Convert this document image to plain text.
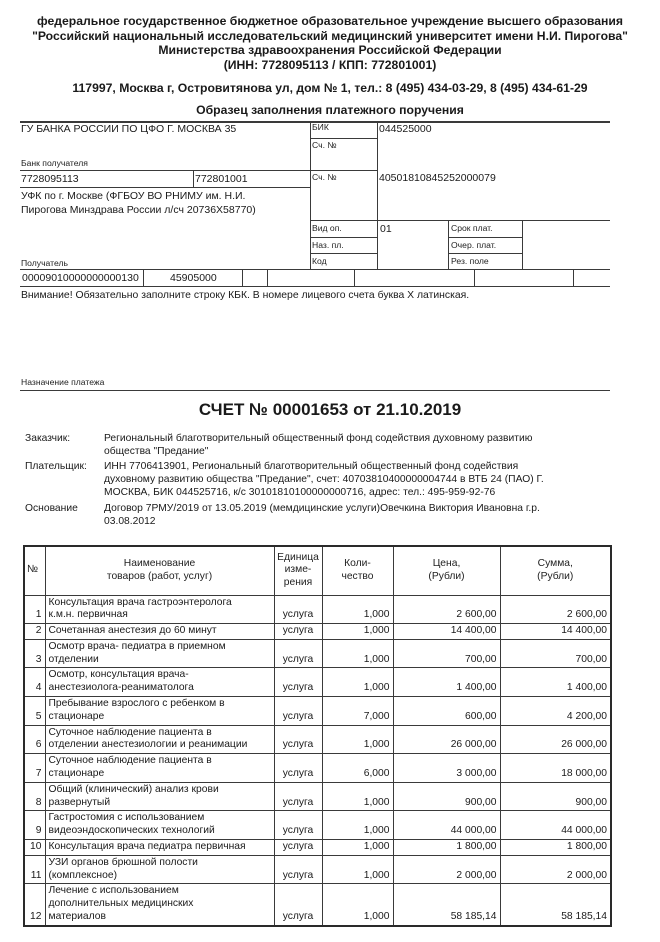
федеральное государственное бюджетное образовательное учреждение высшего образования
"Российский национальный исследовательский медицинский университет имени Н.И. Пирогова"
Министерства здравоохранения Российской Федерации
(ИНН: 7728095113 / КПП: 772801001)
117997, Москва г, Островитянова ул, дом № 1, тел.: 8 (495) 434-03-29, 8 (495) 434-61-29
Образец заполнения платежного поручения
ГУ БАНКА РОССИИ ПО ЦФО Г. МОСКВА 35
Банк получателя
БИК	044525000
Сч. №
Сч. №	40501810845252000079
7728095113	772801001
УФК по г. Москве (ФГБОУ ВО РНИМУ им. Н.И.
Пирогова Минздрава России л/сч 20736Х58770)
Получатель
Вид оп.	01
Наз. пл.
Код
Срок плат.
Очер. плат.
Рез. поле
00009010000000000130	45905000
Внимание! Обязательно заполните строку КБК. В номере лицевого счета буква Х латинская.
Назначение платежа
СЧЕТ № 00001653 от 21.10.2019
Заказчик:	Региональный благотворительный общественный фонд содействия духовному развитию
общества "Предание"
Плательщик:	ИНН 7706413901, Региональный благотворительный общественный фонд содействия
духовному развитию общества "Предание", счет: 40703810400000004744 в ВТБ 24 (ПАО) Г.
МОСКВА, БИК 044525716, к/с 30101810100000000716, адрес: тел.: 495-959-92-76
Основание	Договор 7РМУ/2019 от 13.05.2019 (мемдицинские услуги)Овечкина Виктория Ивановна г.р.
03.08.2012
№	
Наименование
товаров (работ, услуг)

Единица
изме-
рения

Коли-
чество

Цена,
(Рубли)

Сумма,
(Рубли)

1	Консультация врача гастроэнтеролога
к.м.н. первичная	услуга	1,000	2 600,00	2 600,00
2	Сочетанная анестезия до 60 минут	услуга	1,000	14 400,00	14 400,00
3	Осмотр врача- педиатра в приемном
отделении	услуга	1,000	700,00	700,00
4	Осмотр, консультация врача-
анестезиолога-реаниматолога	услуга	1,000	1 400,00	1 400,00
5	Пребывание взрослого с ребенком в
стационаре	услуга	7,000	600,00	4 200,00
6	Суточное наблюдение пациента в
отделении анестезиологии и реанимации	услуга	1,000	26 000,00	26 000,00
7	Суточное наблюдение пациента в
стационаре	услуга	6,000	3 000,00	18 000,00
8	Общий (клинический) анализ крови
развернутый	услуга	1,000	900,00	900,00
9	Гастростомия с использованием
видеоэндоскопических технологий	услуга	1,000	44 000,00	44 000,00
10	Консультация врача педиатра первичная	услуга	1,000	1 800,00	1 800,00
11	УЗИ органов брюшной полости
(комплексное)	услуга	1,000	2 000,00	2 000,00
12	Лечение с использованием
дополнительных медицинских
материалов	услуга	1,000	58 185,14	58 185,14
